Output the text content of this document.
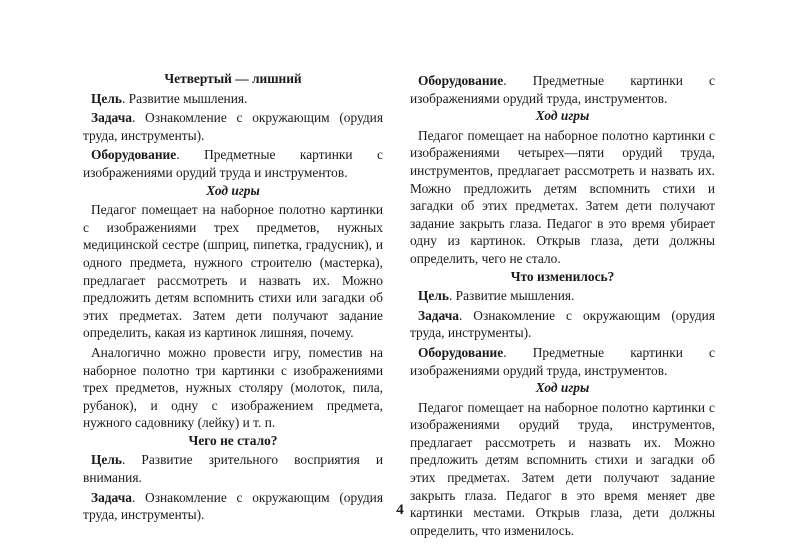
Четвертый — лишний

Цель. Развитие мышления.

Задача. Ознакомление с окружающим (орудия труда, инструменты).

Оборудование. Предметные картинки с изображениями орудий труда и инструментов.

Ход игры

Педагог помещает на наборное полотно картинки с изображениями трех предметов, нужных медицинской сестре (шприц, пипетка, градусник), и одного предмета, нужного строителю (мастерка), предлагает рассмотреть и назвать их. Можно предложить детям вспомнить стихи или загадки об этих предметах. Затем дети получают задание определить, какая из картинок лишняя, почему.

Аналогично можно провести игру, поместив на наборное полотно три картинки с изображениями трех предметов, нужных столяру (молоток, пила, рубанок), и одну с изображением предмета, нужного садовнику (лейку) и т. п.

Чего не стало?

Цель. Развитие зрительного восприятия и внимания.

Задача. Ознакомление с окружающим (орудия труда, инструменты).

Оборудование. Предметные картинки с изображениями орудий труда, инструментов.

Ход игры

Педагог помещает на наборное полотно картинки с изображениями четырех—пяти орудий труда, инструментов, предлагает рассмотреть и назвать их. Можно предложить детям вспомнить стихи и загадки об этих предметах. Затем дети получают задание закрыть глаза. Педагог в это время убирает одну из картинок. Открыв глаза, дети должны определить, чего не стало.

Что изменилось?

Цель. Развитие мышления.

Задача. Ознакомление с окружающим (орудия труда, инструменты).

Оборудование. Предметные картинки с изображениями орудий труда, инструментов.

Ход игры

Педагог помещает на наборное полотно картинки с изображениями орудий труда, инструментов, предлагает рассмотреть и назвать их. Можно предложить детям вспомнить стихи и загадки об этих предметах. Затем дети получают задание закрыть глаза. Педагог в это время меняет две картинки местами. Открыв глаза, дети должны определить, что изменилось.

4
